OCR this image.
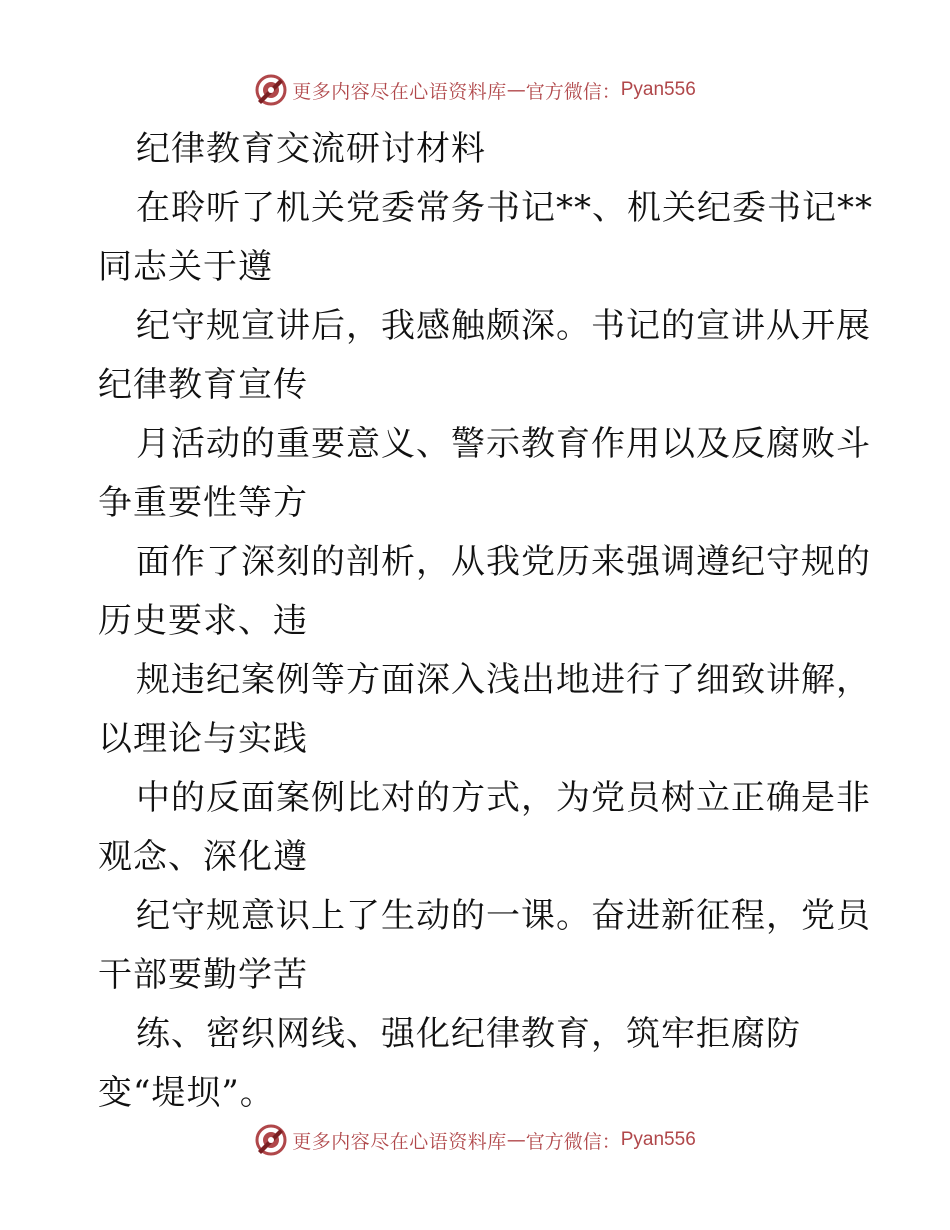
更多内容尽在心语资料库 — 官方微信： Pyan556
纪律教育交流研讨材料
在聆听了机关党委常务书记**、机关纪委书记**
同志关于遵
纪守规宣讲后，我感触颇深。书记的宣讲从开展
纪律教育宣传
月活动的重要意义、警示教育作用以及反腐败斗
争重要性等方
面作了深刻的剖析，从我党历来强调遵纪守规的
历史要求、违
规违纪案例等方面深入浅出地进行了细致讲解，
以理论与实践
中的反面案例比对的方式，为党员树立正确是非
观念、深化遵
纪守规意识上了生动的一课。奋进新征程，党员
干部要勤学苦
练、密织网线、强化纪律教育，筑牢拒腐防
变“堤坝”。
更多内容尽在心语资料库 — 官方微信： Pyan556
